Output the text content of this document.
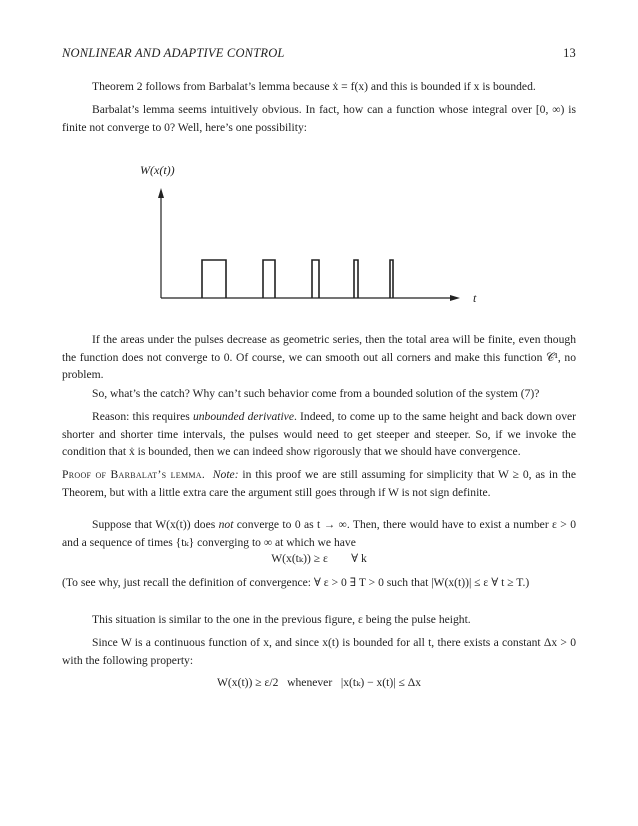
NONLINEAR AND ADAPTIVE CONTROL	13

Theorem 2 follows from Barbalat’s lemma because ẋ = f(x) and this is bounded if x is bounded.

Barbalat’s lemma seems intuitively obvious. In fact, how can a function whose integral over [0, ∞) is finite not converge to 0? Well, here’s one possibility:

W(x(t))
t

If the areas under the pulses decrease as geometric series, then the total area will be finite, even though the function does not converge to 0. Of course, we can smooth out all corners and make this function 𝒞¹, no problem.

So, what’s the catch? Why can’t such behavior come from a bounded solution of the system (7)?

Reason: this requires unbounded derivative. Indeed, to come up to the same height and back down over shorter and shorter time intervals, the pulses would need to get steeper and steeper. So, if we invoke the condition that ẋ is bounded, then we can indeed show rigorously that we should have convergence.

Proof of Barbalat’s lemma. Note: in this proof we are still assuming for simplicity that W ≥ 0, as in the Theorem, but with a little extra care the argument still goes through if W is not sign definite.

Suppose that W(x(t)) does not converge to 0 as t → ∞. Then, there would have to exist a number ε > 0 and a sequence of times {tₖ} converging to ∞ at which we have

W(x(tₖ)) ≥ ε        ∀ k

(To see why, just recall the definition of convergence: ∀ ε > 0 ∃ T > 0 such that |W(x(t))| ≤ ε ∀ t ≥ T.)

This situation is similar to the one in the previous figure, ε being the pulse height.

Since W is a continuous function of x, and since x(t) is bounded for all t, there exists a constant Δx > 0 with the following property:

W(x(t)) ≥ ε/2   whenever   |x(tₖ) − x(t)| ≤ Δx
